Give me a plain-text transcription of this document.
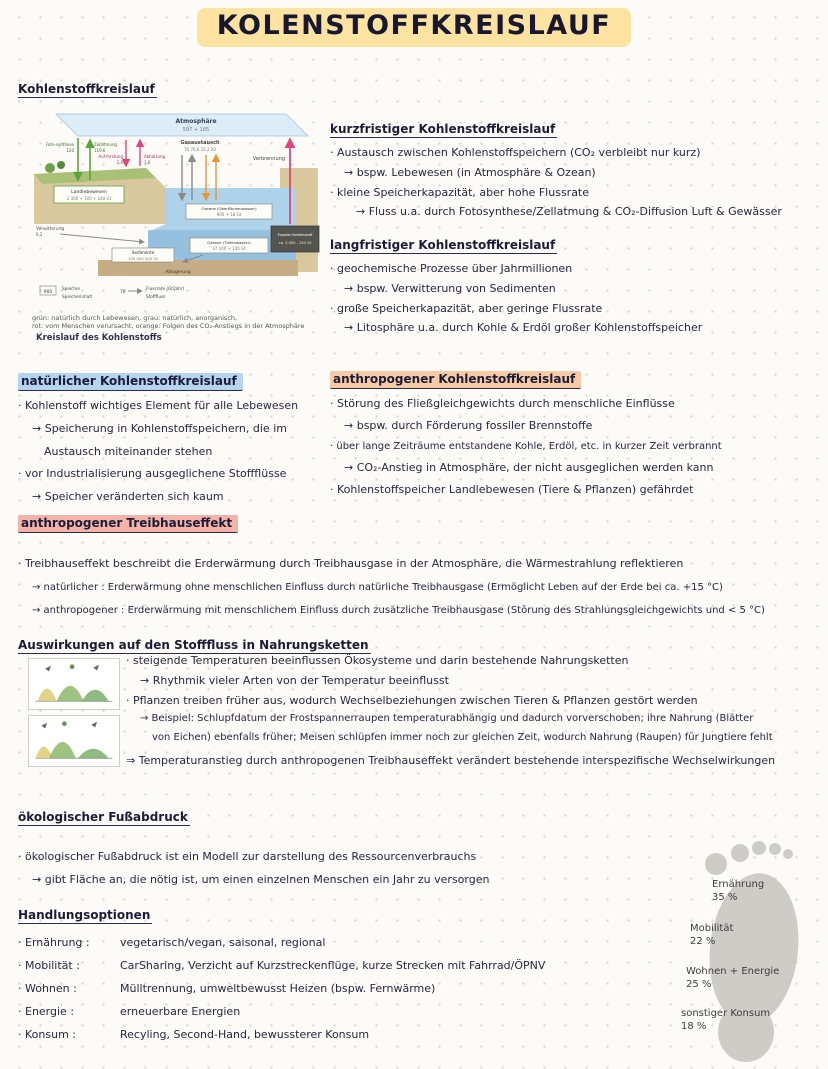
KOLENSTOFFKREISLAUF
Kohlenstoffkreislauf
Atmosphäre
597 + 165
Foto-synthese
120
Zellatmung
119,6
Auf-forstung
2,6
Abholzung
1,6
Gasaustausch
70 70,6 22,2 20
Verbrennung
Landlebewesen
2 300 + 100 + 140 Gt
Verwitterung
0,2
Ozeane (Oberflächenwasser)
900 + 18 Gt
Ozeane (Tiefenwasser)
37 100 + 100 Gt
Sedimente
100 000 000 Gt
Fossiler Kohlenstoff
ca. 5 000 - 244 Gt
Ablagerung
900
Speicher
Speicherinhalt
70
Flussrate (Gt/Jahr)
Stofffluss
grün: natürlich durch Lebewesen, grau: natürlich, anorganisch,
rot: vom Menschen verursacht, orange: Folgen des CO₂-Anstiegs in der Atmosphäre
Kreislauf des Kohlenstoffs
kurzfristiger Kohlenstoffkreislauf
· Austausch zwischen Kohlenstoffspeichern (CO₂ verbleibt nur kurz)
→ bspw. Lebewesen (in Atmosphäre & Ozean)
· kleine Speicherkapazität, aber hohe Flussrate
→ Fluss u.a. durch Fotosynthese/Zellatmung & CO₂-Diffusion Luft & Gewässer
langfristiger Kohlenstoffkreislauf
· geochemische Prozesse über Jahrmillionen
→ bspw. Verwitterung von Sedimenten
· große Speicherkapazität, aber geringe Flussrate
→ Litosphäre u.a. durch Kohle & Erdöl großer Kohlenstoffspeicher
natürlicher Kohlenstoffkreislauf
· Kohlenstoff wichtiges Element für alle Lebewesen
→ Speicherung in Kohlenstoffspeichern, die im
Austausch miteinander stehen
· vor Industrialisierung ausgeglichene Stoffflüsse
→ Speicher veränderten sich kaum
anthropogener Kohlenstoffkreislauf
· Störung des Fließgleichgewichts durch menschliche Einflüsse
→ bspw. durch Förderung fossiler Brennstoffe
· über lange Zeiträume entstandene Kohle, Erdöl, etc. in kurzer Zeit verbrannt
→ CO₂-Anstieg in Atmosphäre, der nicht ausgeglichen werden kann
· Kohlenstoffspeicher Landlebewesen (Tiere & Pflanzen) gefährdet
anthropogener Treibhauseffekt
· Treibhauseffekt beschreibt die Erderwärmung durch Treibhausgase in der Atmosphäre, die Wärmestrahlung reflektieren
→ natürlicher : Erderwärmung ohne menschlichen Einfluss durch natürliche Treibhausgase (Ermöglicht Leben auf der Erde bei ca. +15 °C)
→ anthropogener : Erderwärmung mit menschlichem Einfluss durch zusätzliche Treibhausgase (Störung des Strahlungsgleichgewichts und < 5 °C)
Auswirkungen auf den Stofffluss in Nahrungsketten
· steigende Temperaturen beeinflussen Ökosysteme und darin bestehende Nahrungsketten
→ Rhythmik vieler Arten von der Temperatur beeinflusst
· Pflanzen treiben früher aus, wodurch Wechselbeziehungen zwischen Tieren & Pflanzen gestört werden
→ Beispiel: Schlupfdatum der Frostspannerraupen temperaturabhängig und dadurch vorverschoben; ihre Nahrung (Blätter
von Eichen) ebenfalls früher; Meisen schlüpfen immer noch zur gleichen Zeit, wodurch Nahrung (Raupen) für Jungtiere fehlt
⇒ Temperaturanstieg durch anthropogenen Treibhauseffekt verändert bestehende interspezifische Wechselwirkungen
ökologischer Fußabdruck
· ökologischer Fußabdruck ist ein Modell zur darstellung des Ressourcenverbrauchs
→ gibt Fläche an, die nötig ist, um einen einzelnen Menschen ein Jahr zu versorgen
Handlungsoptionen
· Ernährung :	vegetarisch/vegan, saisonal, regional
· Mobilität :	CarSharing, Verzicht auf Kurzstreckenflüge, kurze Strecken mit Fahrrad/ÖPNV
· Wohnen :	Mülltrennung, umweltbewusst Heizen (bspw. Fernwärme)
· Energie :	erneuerbare Energien
· Konsum :	Recyling, Second-Hand, bewussterer Konsum
Ernährung
35 %
Mobilität
22 %
Wohnen + Energie
25 %
sonstiger Konsum
18 %
